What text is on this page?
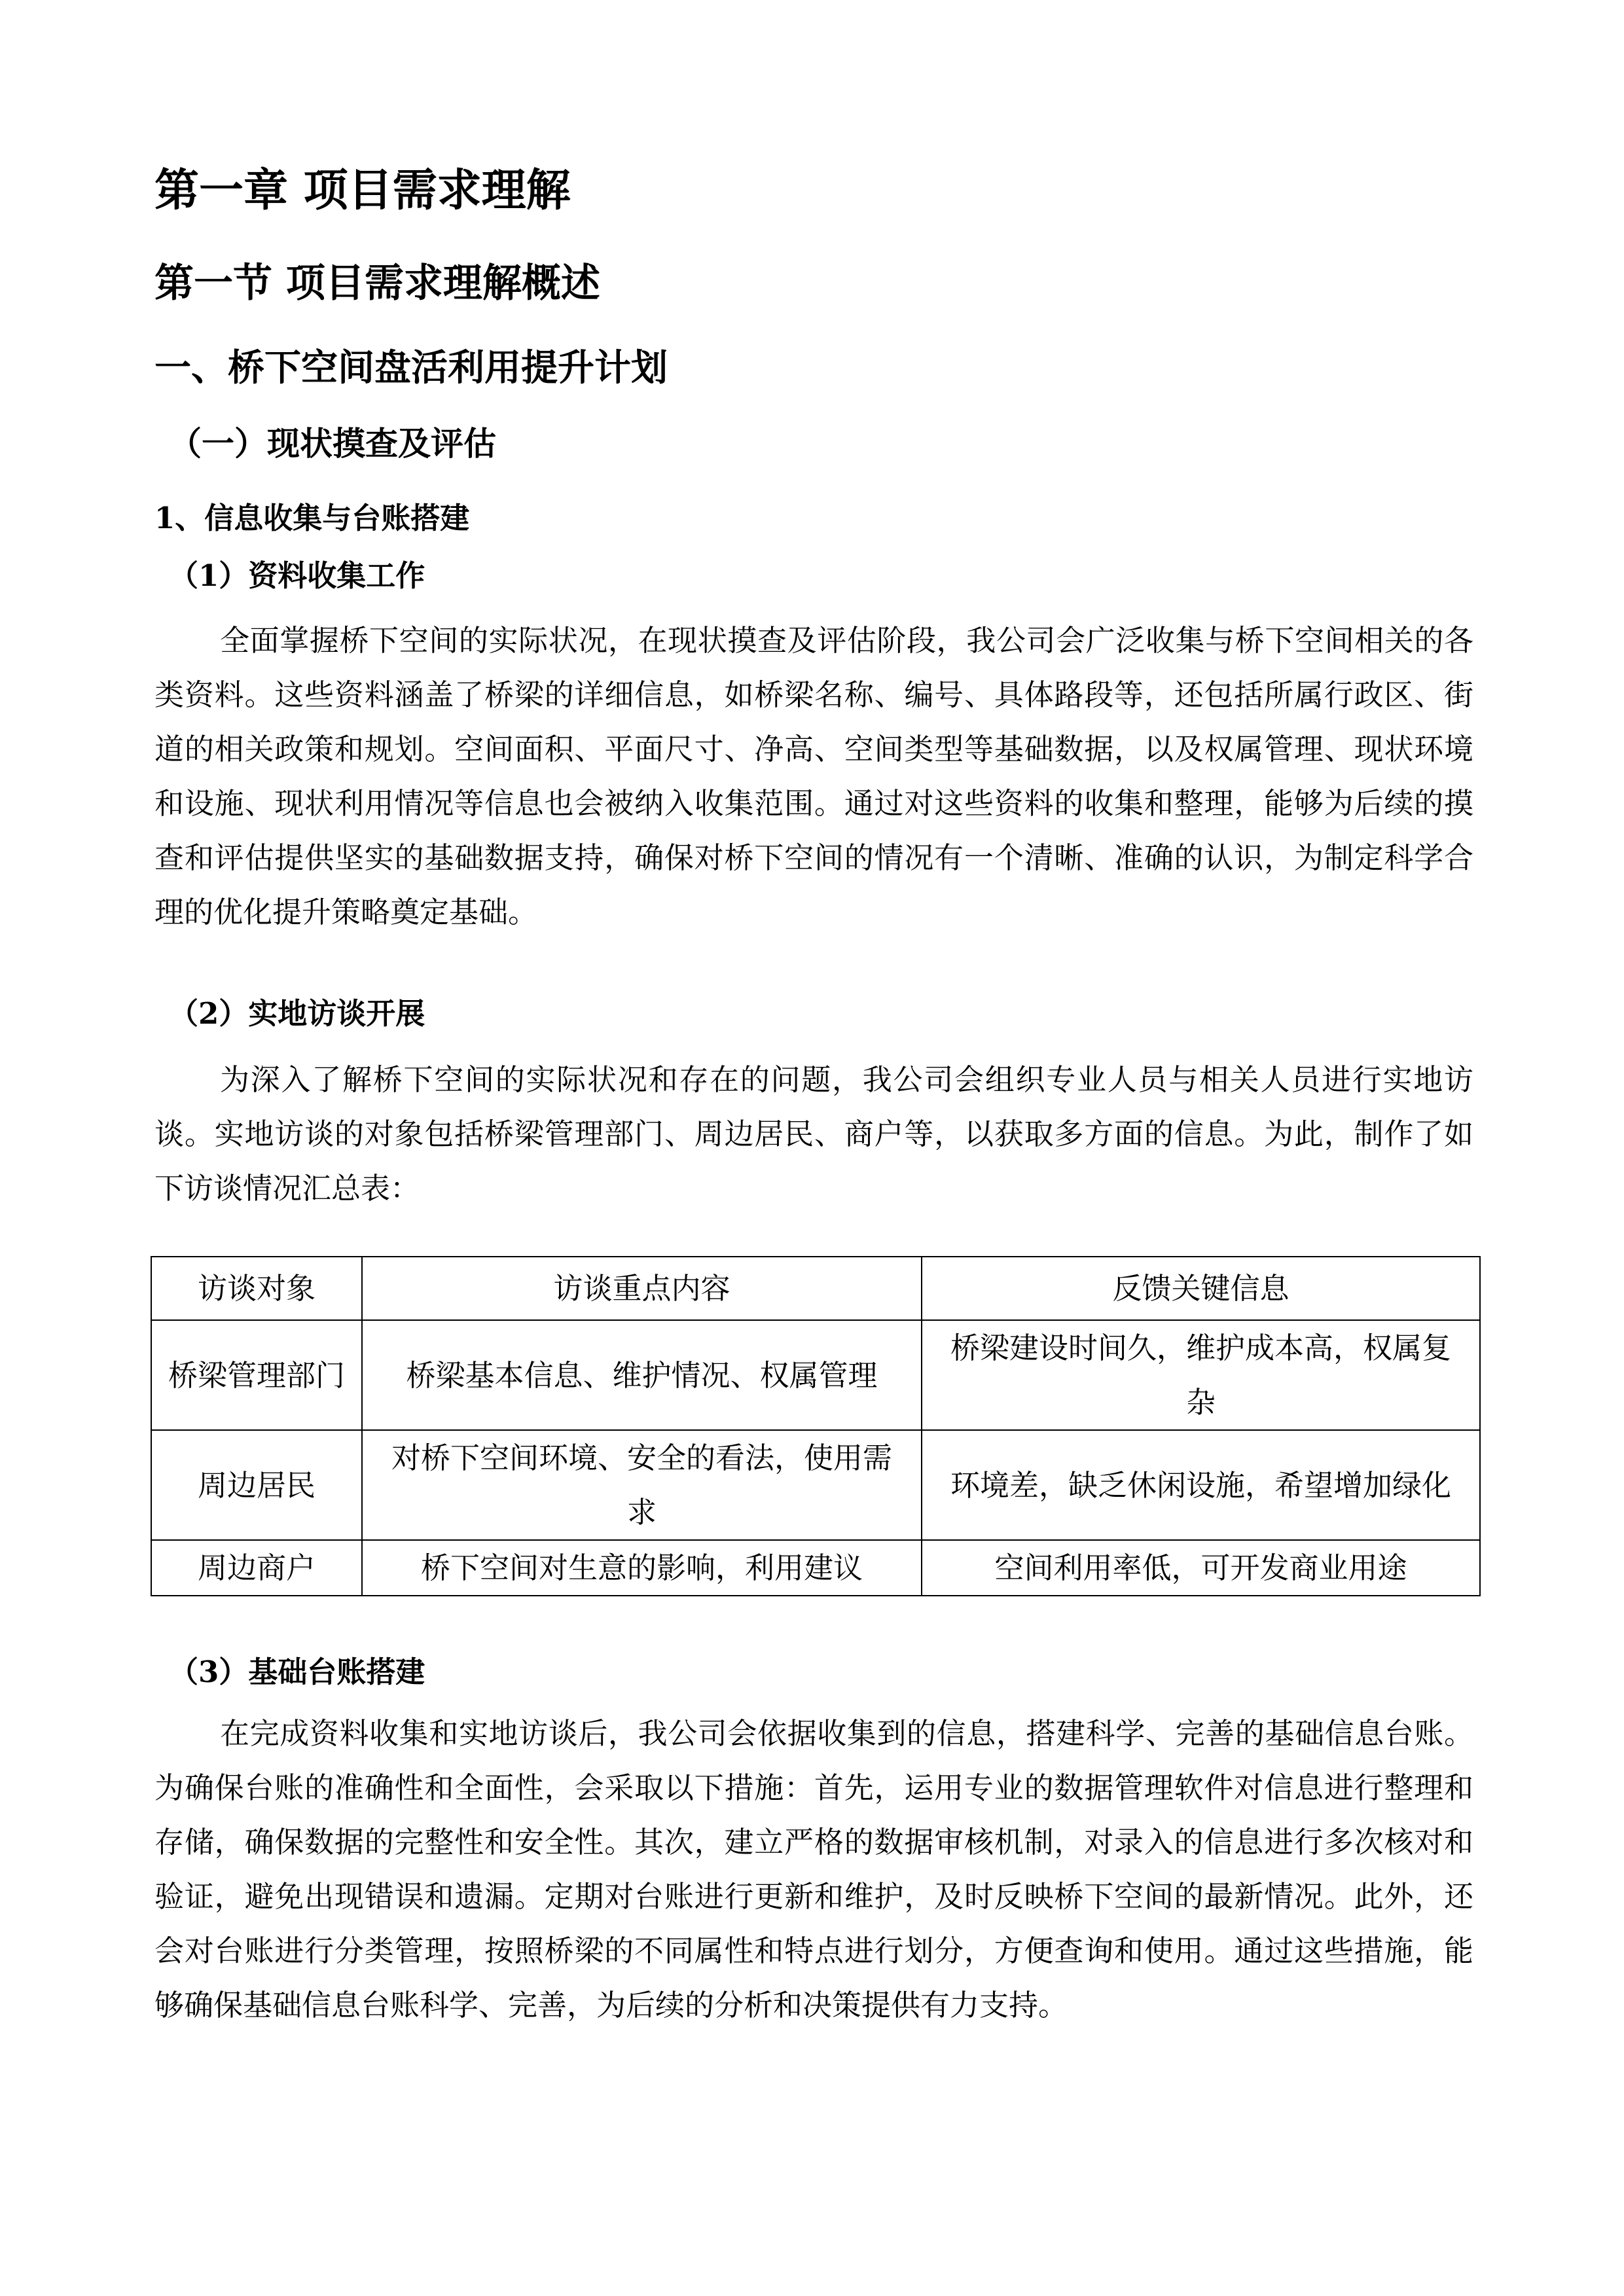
第一章 项目需求理解
第一节 项目需求理解概述
一、桥下空间盘活利用提升计划
（一）现状摸查及评估
1、信息收集与台账搭建
（1）资料收集工作

全面掌握桥下空间的实际状况，在现状摸查及评估阶段，我公司会广泛收集与桥下空间相关的各类资料。这些资料涵盖了桥梁的详细信息，如桥梁名称、编号、具体路段等，还包括所属行政区、街道的相关政策和规划。空间面积、平面尺寸、净高、空间类型等基础数据，以及权属管理、现状环境和设施、现状利用情况等信息也会被纳入收集范围。通过对这些资料的收集和整理，能够为后续的摸查和评估提供坚实的基础数据支持，确保对桥下空间的情况有一个清晰、准确的认识，为制定科学合理的优化提升策略奠定基础。

（2）实地访谈开展

为深入了解桥下空间的实际状况和存在的问题，我公司会组织专业人员与相关人员进行实地访谈。实地访谈的对象包括桥梁管理部门、周边居民、商户等，以获取多方面的信息。为此，制作了如下访谈情况汇总表：

访谈对象	访谈重点内容	反馈关键信息
桥梁管理部门	桥梁基本信息、维护情况、权属管理	桥梁建设时间久，维护成本高，权属复杂
周边居民	对桥下空间环境、安全的看法，使用需求	环境差，缺乏休闲设施，希望增加绿化
周边商户	桥下空间对生意的影响，利用建议	空间利用率低，可开发商业用途
（3）基础台账搭建

在完成资料收集和实地访谈后，我公司会依据收集到的信息，搭建科学、完善的基础信息台账。为确保台账的准确性和全面性，会采取以下措施：首先，运用专业的数据管理软件对信息进行整理和存储，确保数据的完整性和安全性。其次，建立严格的数据审核机制，对录入的信息进行多次核对和验证，避免出现错误和遗漏。定期对台账进行更新和维护，及时反映桥下空间的最新情况。此外，还会对台账进行分类管理，按照桥梁的不同属性和特点进行划分，方便查询和使用。通过这些措施，能够确保基础信息台账科学、完善，为后续的分析和决策提供有力支持。
